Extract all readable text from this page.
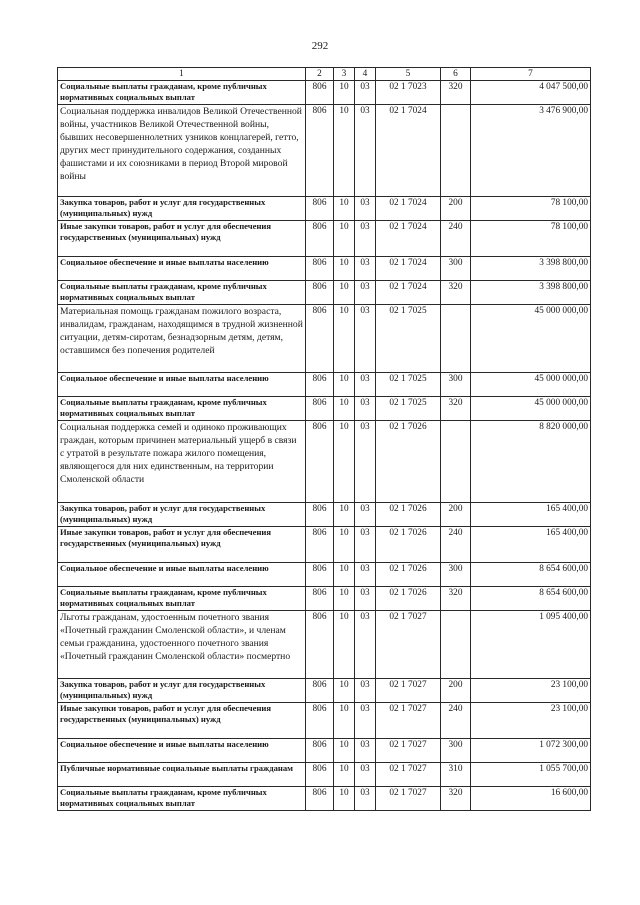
292
1	2	3	4	5	6	7
Социальные выплаты гражданам, кроме публичных нормативных социальных выплат	806	10	03	02 1 7023	320	4 047 500,00
Социальная поддержка инвалидов Великой Отечественной войны, участников Великой Отечественной войны, бывших несовершеннолетних узников концлагерей, гетто, других мест принудительного содержания, созданных фашистами и их союзниками в период Второй мировой войны	806	10	03	02 1 7024		3 476 900,00
Закупка товаров, работ и услуг для государственных (муниципальных) нужд	806	10	03	02 1 7024	200	78 100,00
Иные закупки товаров, работ и услуг для обеспечения государственных (муниципальных) нужд	806	10	03	02 1 7024	240	78 100,00
Социальное обеспечение и иные выплаты населению	806	10	03	02 1 7024	300	3 398 800,00
Социальные выплаты гражданам, кроме публичных нормативных социальных выплат	806	10	03	02 1 7024	320	3 398 800,00
Материальная помощь гражданам пожилого возраста, инвалидам, гражданам, находящимся в трудной жизненной ситуации, детям-сиротам, безнадзорным детям, детям, оставшимся без попечения родителей	806	10	03	02 1 7025		45 000 000,00
Социальное обеспечение и иные выплаты населению	806	10	03	02 1 7025	300	45 000 000,00
Социальные выплаты гражданам, кроме публичных нормативных социальных выплат	806	10	03	02 1 7025	320	45 000 000,00
Социальная поддержка семей и одиноко проживающих граждан, которым причинен материальный ущерб в связи с утратой в результате пожара жилого помещения, являющегося для них единственным, на территории Смоленской области	806	10	03	02 1 7026		8 820 000,00
Закупка товаров, работ и услуг для государственных (муниципальных) нужд	806	10	03	02 1 7026	200	165 400,00
Иные закупки товаров, работ и услуг для обеспечения государственных (муниципальных) нужд	806	10	03	02 1 7026	240	165 400,00
Социальное обеспечение и иные выплаты населению	806	10	03	02 1 7026	300	8 654 600,00
Социальные выплаты гражданам, кроме публичных нормативных социальных выплат	806	10	03	02 1 7026	320	8 654 600,00
Льготы гражданам, удостоенным почетного звания «Почетный гражданин Смоленской области», и членам семьи гражданина, удостоенного почетного звания «Почетный гражданин Смоленской области» посмертно	806	10	03	02 1 7027		1 095 400,00
Закупка товаров, работ и услуг для государственных (муниципальных) нужд	806	10	03	02 1 7027	200	23 100,00
Иные закупки товаров, работ и услуг для обеспечения государственных (муниципальных) нужд	806	10	03	02 1 7027	240	23 100,00
Социальное обеспечение и иные выплаты населению	806	10	03	02 1 7027	300	1 072 300,00
Публичные нормативные социальные выплаты гражданам	806	10	03	02 1 7027	310	1 055 700,00
Социальные выплаты гражданам, кроме публичных нормативных социальных выплат	806	10	03	02 1 7027	320	16 600,00
